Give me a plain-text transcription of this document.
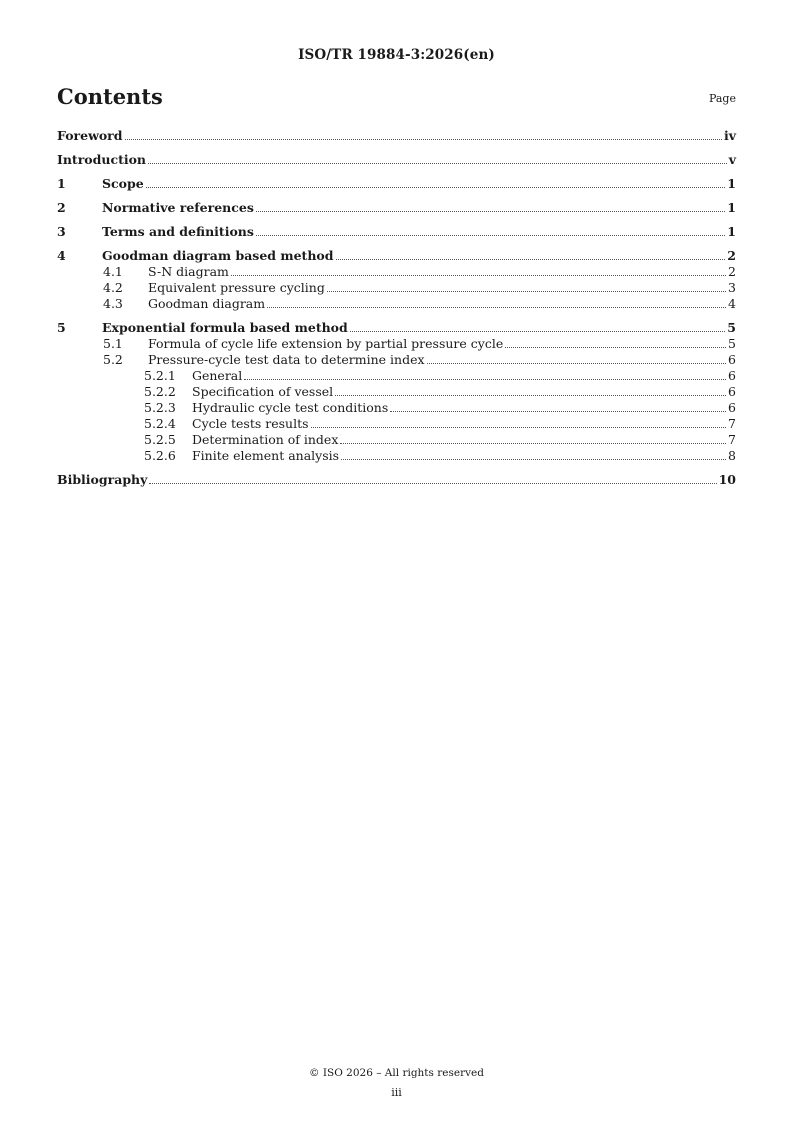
ISO/TR 19884-3:2026(en)
Contents	Page
Foreword	iv
Introduction	v
1	Scope	1
2	Normative references	1
3	Terms and definitions	1
4	Goodman diagram based method	2
4.1	S-N diagram	2
4.2	Equivalent pressure cycling	3
4.3	Goodman diagram	4
5	Exponential formula based method	5
5.1	Formula of cycle life extension by partial pressure cycle	5
5.2	Pressure-cycle test data to determine index	6
5.2.1	General	6
5.2.2	Specification of vessel	6
5.2.3	Hydraulic cycle test conditions	6
5.2.4	Cycle tests results	7
5.2.5	Determination of index	7
5.2.6	Finite element analysis	8
Bibliography	10
© ISO 2026 – All rights reserved
iii
